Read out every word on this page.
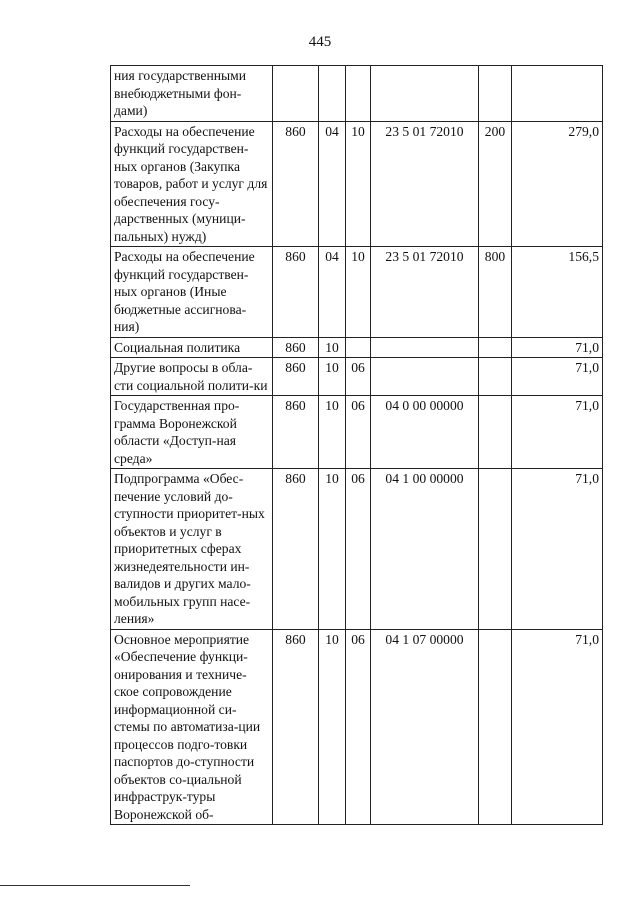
445
ния государственными внебюджетными фон-дами)						
Расходы на обеспечение функций государствен-ных органов (Закупка товаров, работ и услуг для обеспечения госу-дарственных (муници-пальных) нужд)	860	04	10	23 5 01 72010	200	279,0
Расходы на обеспечение функций государствен-ных органов (Иные бюджетные ассигнова-ния)	860	04	10	23 5 01 72010	800	156,5
Социальная политика	860	10				71,0
Другие вопросы в обла-сти социальной полити-ки	860	10	06			71,0
Государственная про-грамма Воронежской области «Доступ-ная среда»	860	10	06	04 0 00 00000		71,0
Подпрограмма «Обес-печение условий до-ступности приоритет-ных объектов и услуг в приоритетных сферах жизнедеятельности ин-валидов и других мало-мобильных групп насе-ления»	860	10	06	04 1 00 00000		71,0
Основное мероприятие «Обеспечение функци-онирования и техниче-ское сопровождение информационной си-стемы по автоматиза-ции процессов подго-товки паспортов до-ступности объектов со-циальной инфраструк-туры Воронежской об-	860	10	06	04 1 07 00000		71,0
